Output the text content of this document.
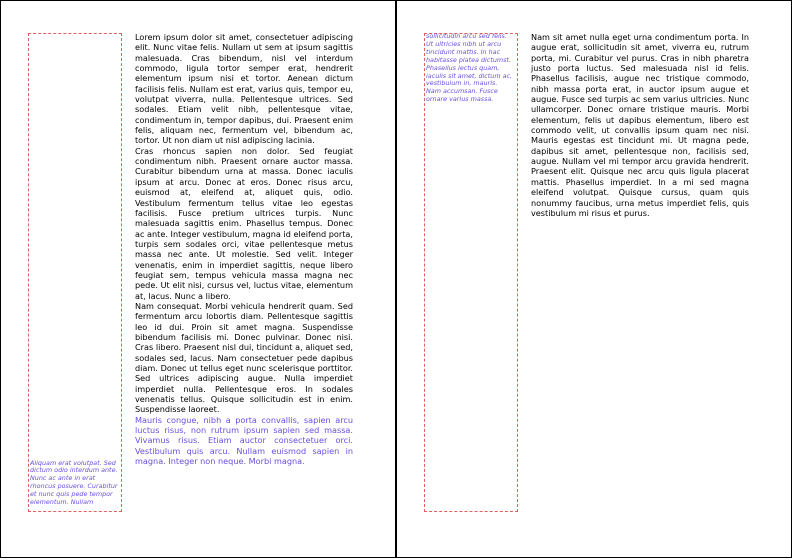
Aliquam erat volutpat. Sed dictum odio interdum ante. Nunc ac ante in erat rhoncus posuere. Curabitur et nunc quis pede tempor elementum. Nullam

Lorem ipsum dolor sit amet, consectetuer adipiscing elit. Nunc vitae felis. Nullam ut sem at ipsum sagittis malesuada. Cras bibendum, nisl vel interdum commodo, ligula tortor semper erat, hendrerit elementum ipsum nisi et tortor. Aenean dictum facilisis felis. Nullam est erat, varius quis, tempor eu, volutpat viverra, nulla. Pellentesque ultrices. Sed sodales. Etiam velit nibh, pellentesque vitae, condimentum in, tempor dapibus, dui. Praesent enim felis, aliquam nec, fermentum vel, bibendum ac, tortor. Ut non diam ut nisl adipiscing lacinia.

Cras rhoncus sapien non dolor. Sed feugiat condimentum nibh. Praesent ornare auctor massa. Curabitur bibendum urna at massa. Donec iaculis ipsum at arcu. Donec at eros. Donec risus arcu, euismod at, eleifend at, aliquet quis, odio. Vestibulum fermentum tellus vitae leo egestas facilisis. Fusce pretium ultrices turpis. Nunc malesuada sagittis enim. Phasellus tempus. Donec ac ante. Integer vestibulum, magna id eleifend porta, turpis sem sodales orci, vitae pellentesque metus massa nec ante. Ut molestie. Sed velit. Integer venenatis, enim in imperdiet sagittis, neque libero feugiat sem, tempus vehicula massa magna nec pede. Ut elit nisi, cursus vel, luctus vitae, elementum at, lacus. Nunc a libero.

Nam consequat. Morbi vehicula hendrerit quam. Sed fermentum arcu lobortis diam. Pellentesque sagittis leo id dui. Proin sit amet magna. Suspendisse bibendum facilisis mi. Donec pulvinar. Donec nisi. Cras libero. Praesent nisl dui, tincidunt a, aliquet sed, sodales sed, lacus. Nam consectetuer pede dapibus diam. Donec ut tellus eget nunc scelerisque porttitor. Sed ultrices adipiscing augue. Nulla imperdiet imperdiet nulla. Pellentesque eros. In sodales venenatis tellus. Quisque sollicitudin est in enim. Suspendisse laoreet.

Mauris congue, nibh a porta convallis, sapien arcu luctus risus, non rutrum ipsum sapien sed massa. Vivamus risus. Etiam auctor consectetuer orci. Vestibulum quis arcu. Nullam euismod sapien in magna. Integer non neque. Morbi magna.

sollicitudin arcu sed felis. Ut ultricies nibh ut arcu tincidunt mattis. In hac habitasse platea dictumst. Phasellus lectus quam, iaculis sit amet, dictum ac, vestibulum in, mauris. Nam accumsan. Fusce ornare varius massa.

Nam sit amet nulla eget urna condimentum porta. In augue erat, sollicitudin sit amet, viverra eu, rutrum porta, mi. Curabitur vel purus. Cras in nibh pharetra justo porta luctus. Sed malesuada nisl id felis. Phasellus facilisis, augue nec tristique commodo, nibh massa porta erat, in auctor ipsum augue et augue. Fusce sed turpis ac sem varius ultricies. Nunc ullamcorper. Donec ornare tristique mauris. Morbi elementum, felis ut dapibus elementum, libero est commodo velit, ut convallis ipsum quam nec nisi. Mauris egestas est tincidunt mi. Ut magna pede, dapibus sit amet, pellentesque non, facilisis sed, augue. Nullam vel mi tempor arcu gravida hendrerit. Praesent elit. Quisque nec arcu quis ligula placerat mattis. Phasellus imperdiet. In a mi sed magna eleifend volutpat. Quisque cursus, quam quis nonummy faucibus, urna metus imperdiet felis, quis vestibulum mi risus et purus.
